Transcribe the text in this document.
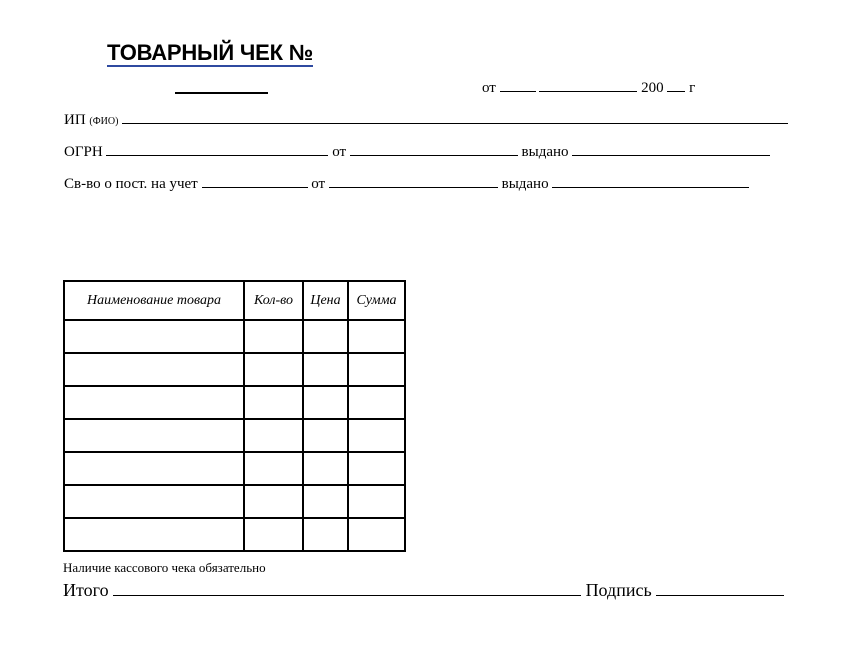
ТОВАРНЫЙ ЧЕК №
от	200 г
ИП (ФИО)
ОГРН	от	выдано
Св-во о пост. на учет	от	выдано
Наименование товара	Кол-во	Цена	Сумма

Наличие кассового чека обязательно
Итого	Подпись
